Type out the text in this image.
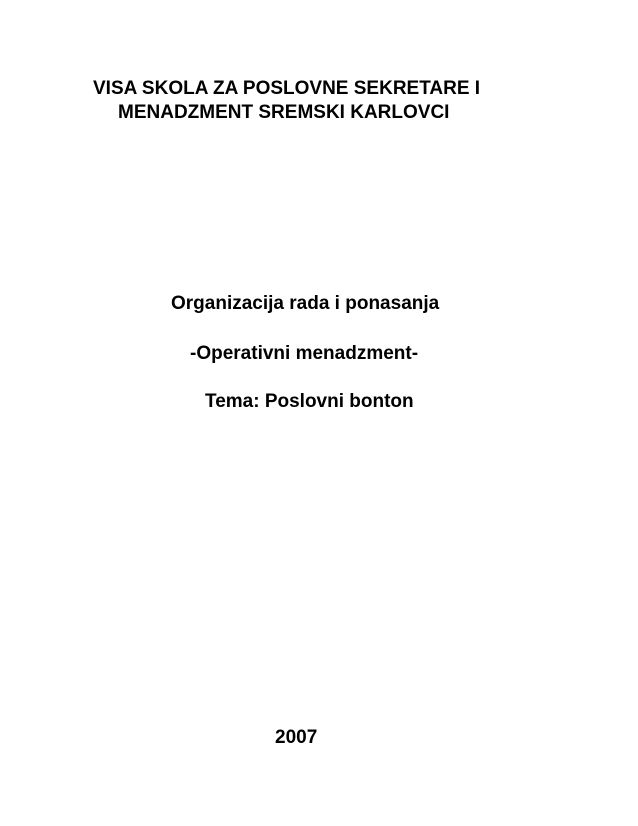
VISA SKOLA ZA POSLOVNE SEKRETARE I
MENADZMENT SREMSKI KARLOVCI
Organizacija rada i ponasanja
-Operativni menadzment-
Tema: Poslovni bonton
2007
